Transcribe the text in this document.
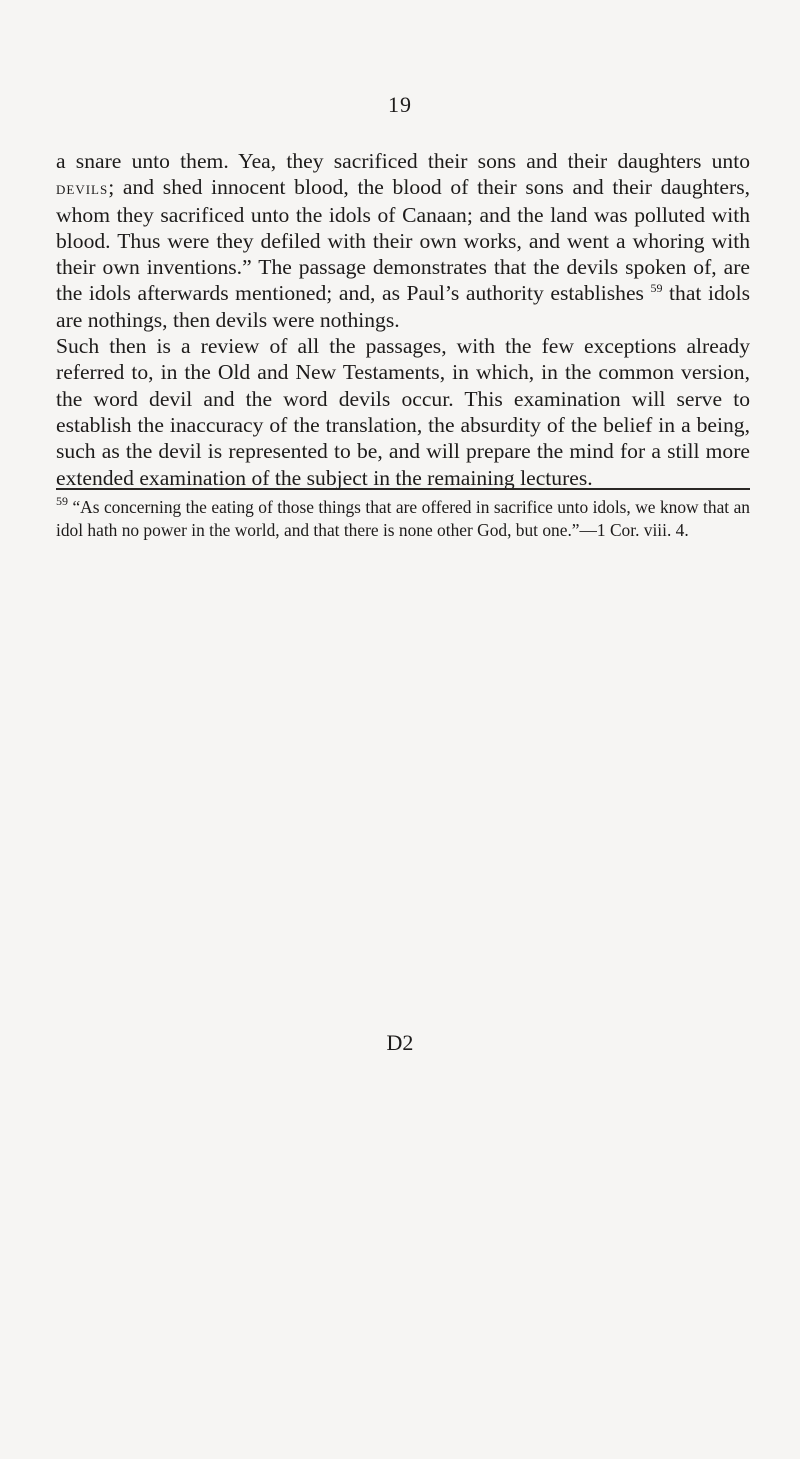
19

a snare unto them. Yea, they sacrificed their sons and their daughters unto devils; and shed innocent blood, the blood of their sons and their daughters, whom they sacrificed unto the idols of Canaan; and the land was polluted with blood. Thus were they defiled with their own works, and went a whoring with their own inventions.” The passage demonstrates that the devils spoken of, are the idols afterwards mentioned; and, as Paul’s authority establishes $^{59}$ that idols are nothings, then devils were nothings.

Such then is a review of all the passages, with the few exceptions already referred to, in the Old and New Testaments, in which, in the common version, the word devil and the word devils occur. This examination will serve to establish the inaccuracy of the translation, the absurdity of the belief in a being, such as the devil is represented to be, and will prepare the mind for a still more extended examination of the subject in the remaining lectures.

$^{59}$ “As concerning the eating of those things that are offered in sacrifice unto idols, we know that an idol hath no power in the world, and that there is none other God, but one.”—1 Cor. viii. 4.
D2
